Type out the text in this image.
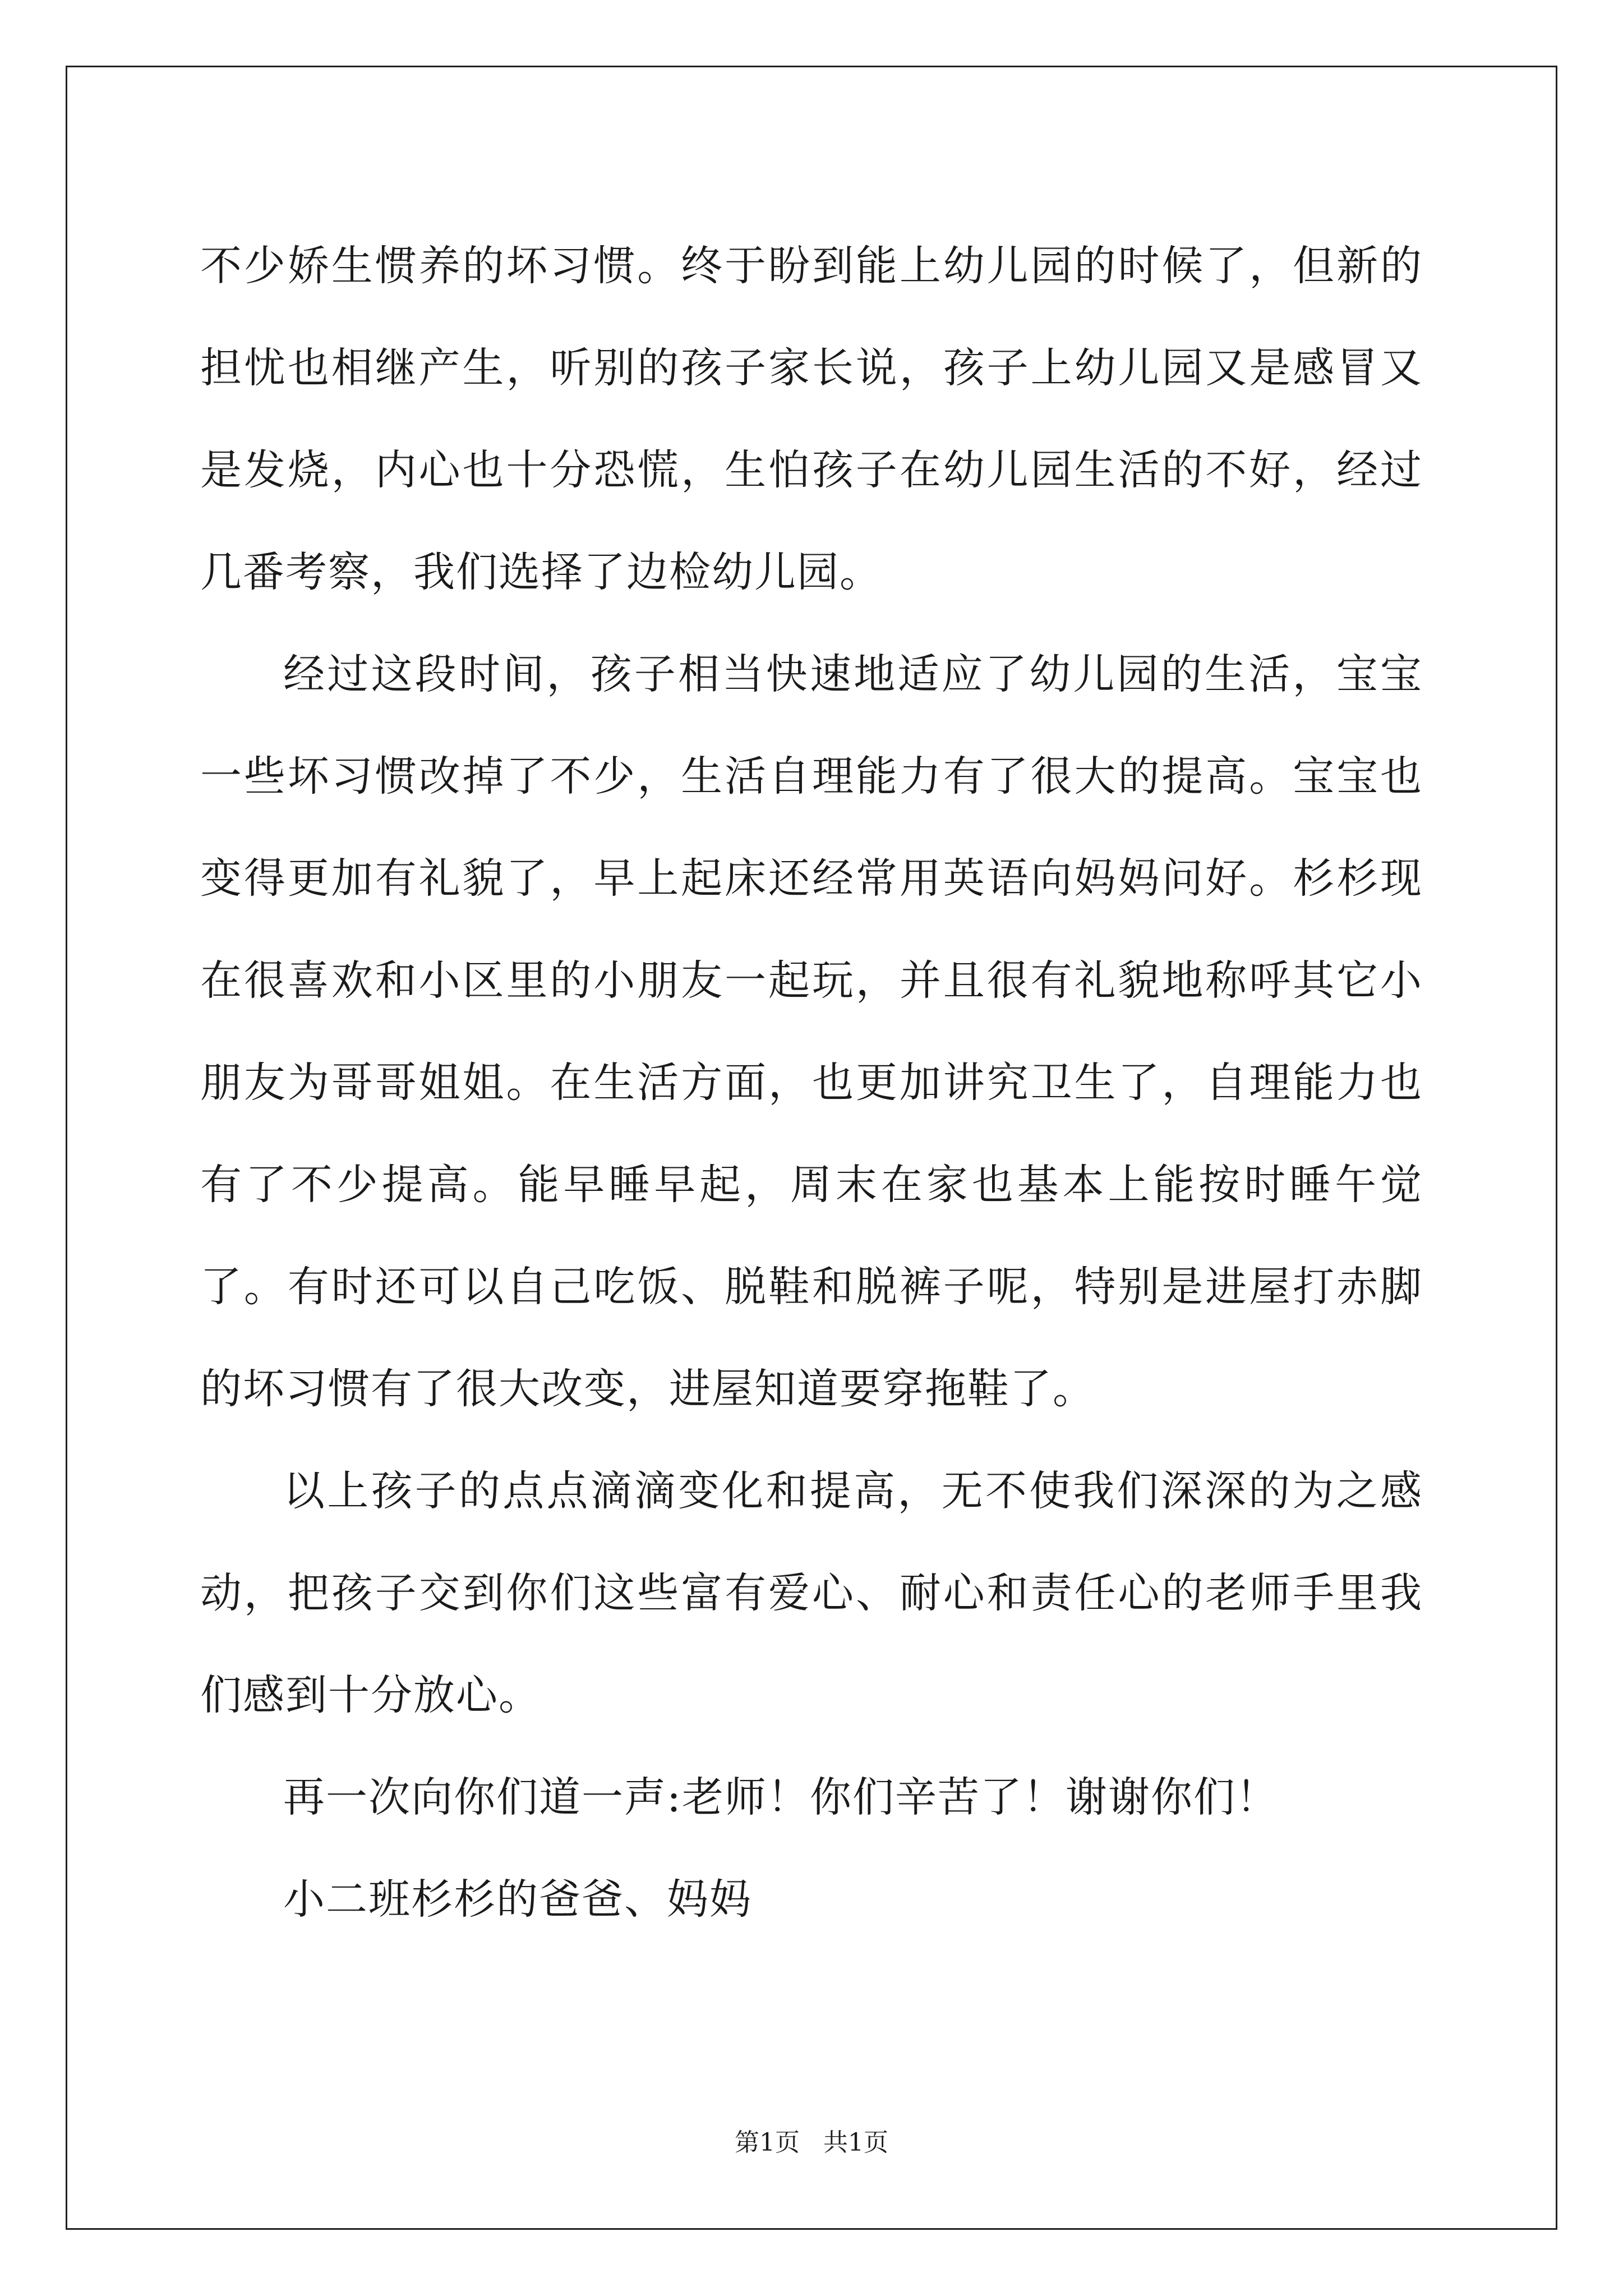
不少娇生惯养的坏习惯。终于盼到能上幼儿园的时候了，但新的担忧也相继产生，听别的孩子家长说，孩子上幼儿园又是感冒又是发烧，内心也十分恐慌，生怕孩子在幼儿园生活的不好，经过几番考察，我们选择了边检幼儿园。

经过这段时间，孩子相当快速地适应了幼儿园的生活，宝宝一些坏习惯改掉了不少，生活自理能力有了很大的提高。宝宝也变得更加有礼貌了，早上起床还经常用英语向妈妈问好。杉杉现在很喜欢和小区里的小朋友一起玩，并且很有礼貌地称呼其它小朋友为哥哥姐姐。在生活方面，也更加讲究卫生了，自理能力也有了不少提高。能早睡早起，周末在家也基本上能按时睡午觉了。有时还可以自己吃饭、脱鞋和脱裤子呢，特别是进屋打赤脚的坏习惯有了很大改变，进屋知道要穿拖鞋了。

以上孩子的点点滴滴变化和提高，无不使我们深深的为之感动，把孩子交到你们这些富有爱心、耐心和责任心的老师手里我们感到十分放心。

再一次向你们道一声:老师！你们辛苦了！谢谢你们！

小二班杉杉的爸爸、妈妈

第1页 共1页
